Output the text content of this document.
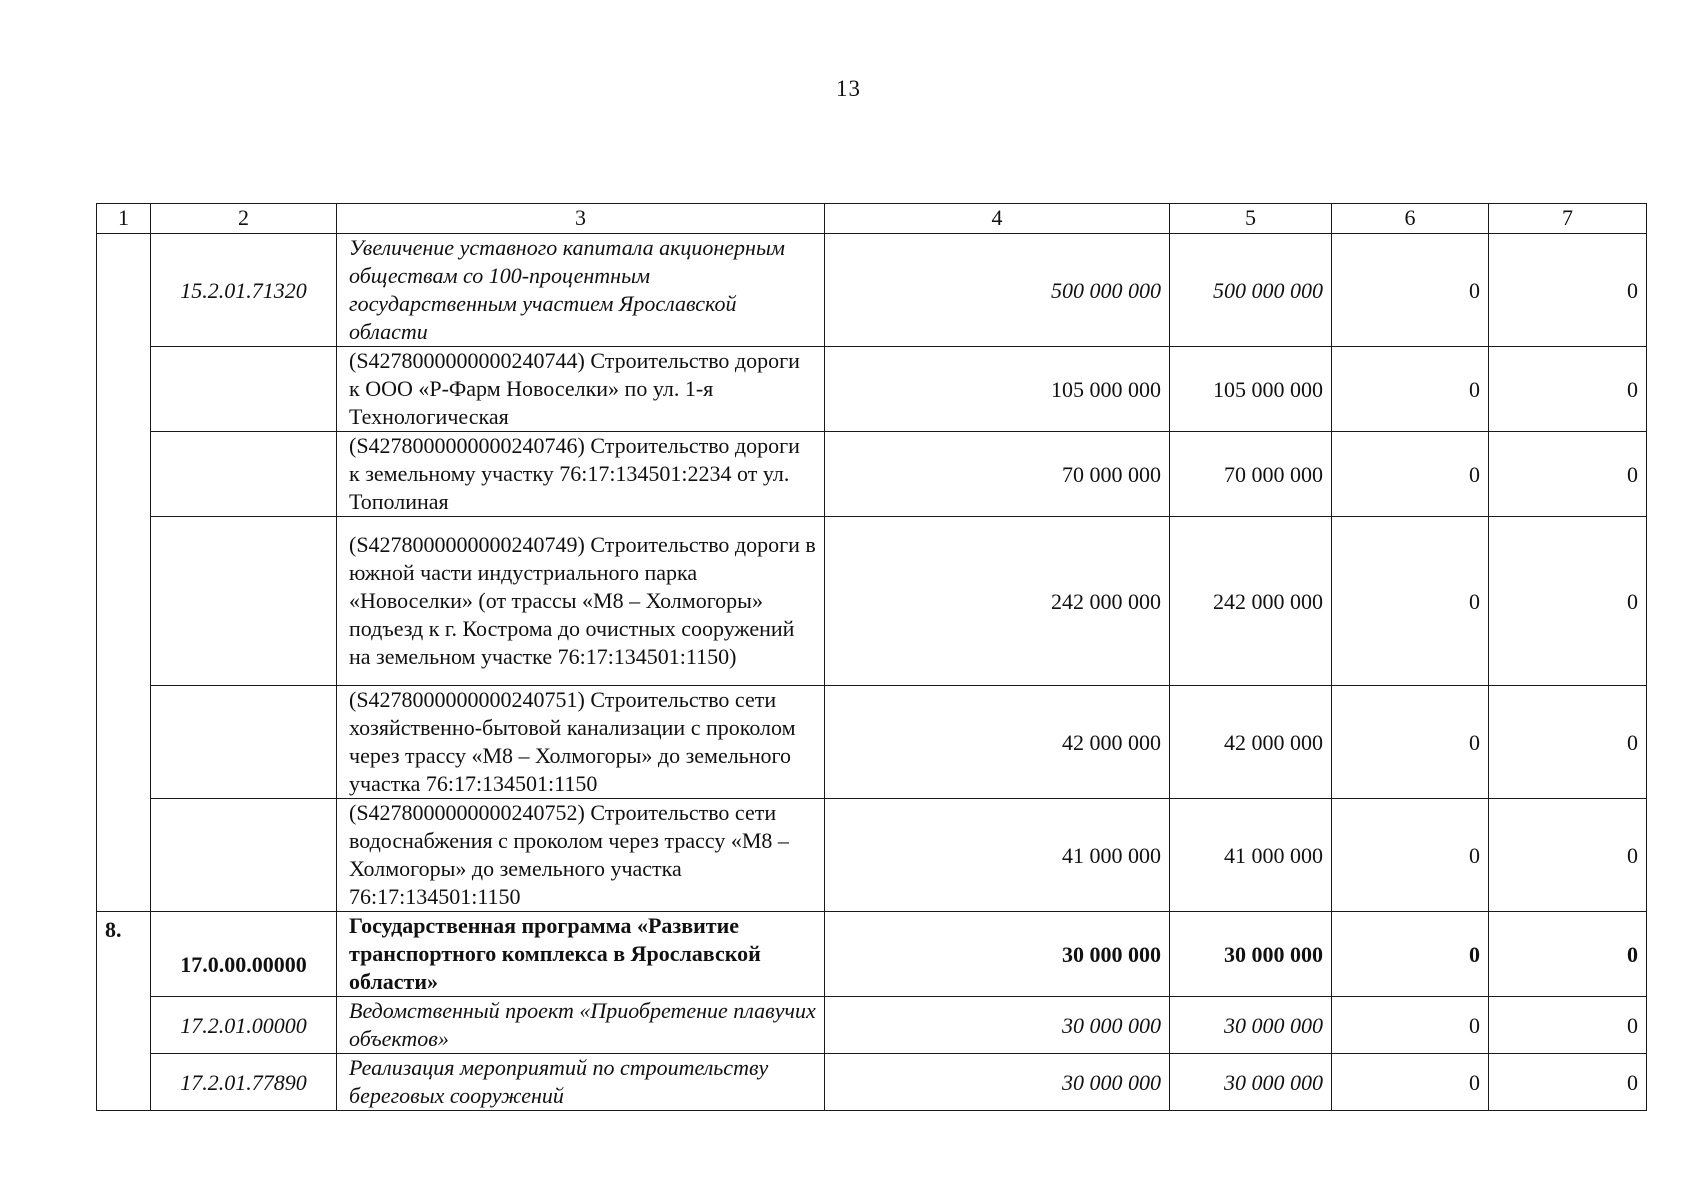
13
1	2	3	4	5	6	7
	15.2.01.71320	Увеличение уставного капитала акционерным обществам со 100-процентным государственным участием Ярославской области	500 000 000	500 000 000	0	0
		(S4278000000000240744) Строительство дороги к ООО «Р-Фарм Новоселки» по ул. 1-я Технологическая	105 000 000	105 000 000	0	0
		(S4278000000000240746) Строительство дороги к земельному участку 76:17:134501:2234 от ул. Тополиная	70 000 000	70 000 000	0	0
		(S4278000000000240749) Строительство дороги в южной части индустриального парка «Новоселки» (от трассы «М8 – Холмогоры» подъезд к г. Кострома до очистных сооружений на земельном участке 76:17:134501:1150)	242 000 000	242 000 000	0	0
		(S4278000000000240751) Строительство сети хозяйственно-бытовой канализации с проколом через трассу «М8 – Холмогоры» до земельного участка 76:17:134501:1150	42 000 000	42 000 000	0	0
		(S4278000000000240752) Строительство сети водоснабжения с проколом через трассу «М8 – Холмогоры» до земельного участка 76:17:134501:1150	41 000 000	41 000 000	0	0
8.	17.0.00.00000	Государственная программа «Развитие транспортного комплекса в Ярославской области»	30 000 000	30 000 000	0	0
	17.2.01.00000	Ведомственный проект «Приобретение плавучих объектов»	30 000 000	30 000 000	0	0
	17.2.01.77890	Реализация мероприятий по строительству береговых сооружений	30 000 000	30 000 000	0	0
